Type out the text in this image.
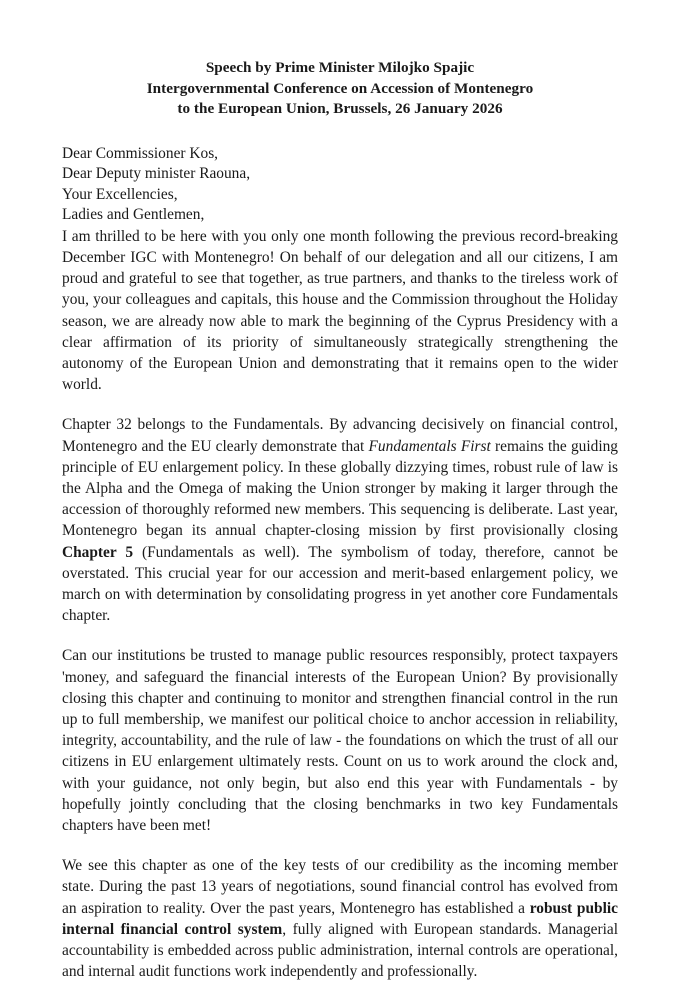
Speech by Prime Minister Milojko Spajic
Intergovernmental Conference on Accession of Montenegro
to the European Union, Brussels, 26 January 2026
Dear Commissioner Kos,
Dear Deputy minister Raouna,
Your Excellencies,
Ladies and Gentlemen,

I am thrilled to be here with you only one month following the previous record-breaking December IGC with Montenegro! On behalf of our delegation and all our citizens, I am proud and grateful to see that together, as true partners, and thanks to the tireless work of you, your colleagues and capitals, this house and the Commission throughout the Holiday season, we are already now able to mark the beginning of the Cyprus Presidency with a clear affirmation of its priority of simultaneously strategically strengthening the autonomy of the European Union and demonstrating that it remains open to the wider world.

Chapter 32 belongs to the Fundamentals. By advancing decisively on financial control, Montenegro and the EU clearly demonstrate that Fundamentals First remains the guiding principle of EU enlargement policy. In these globally dizzying times, robust rule of law is the Alpha and the Omega of making the Union stronger by making it larger through the accession of thoroughly reformed new members. This sequencing is deliberate. Last year, Montenegro began its annual chapter-closing mission by first provisionally closing Chapter 5 (Fundamentals as well). The symbolism of today, therefore, cannot be overstated. This crucial year for our accession and merit-based enlargement policy, we march on with determination by consolidating progress in yet another core Fundamentals chapter.

Can our institutions be trusted to manage public resources responsibly, protect taxpayers 'money, and safeguard the financial interests of the European Union? By provisionally closing this chapter and continuing to monitor and strengthen financial control in the run up to full membership, we manifest our political choice to anchor accession in reliability, integrity, accountability, and the rule of law - the foundations on which the trust of all our citizens in EU enlargement ultimately rests. Count on us to work around the clock and, with your guidance, not only begin, but also end this year with Fundamentals - by hopefully jointly concluding that the closing benchmarks in two key Fundamentals chapters have been met!

We see this chapter as one of the key tests of our credibility as the incoming member state. During the past 13 years of negotiations, sound financial control has evolved from an aspiration to reality. Over the past years, Montenegro has established a robust public internal financial control system, fully aligned with European standards. Managerial accountability is embedded across public administration, internal controls are operational, and internal audit functions work independently and professionally.
